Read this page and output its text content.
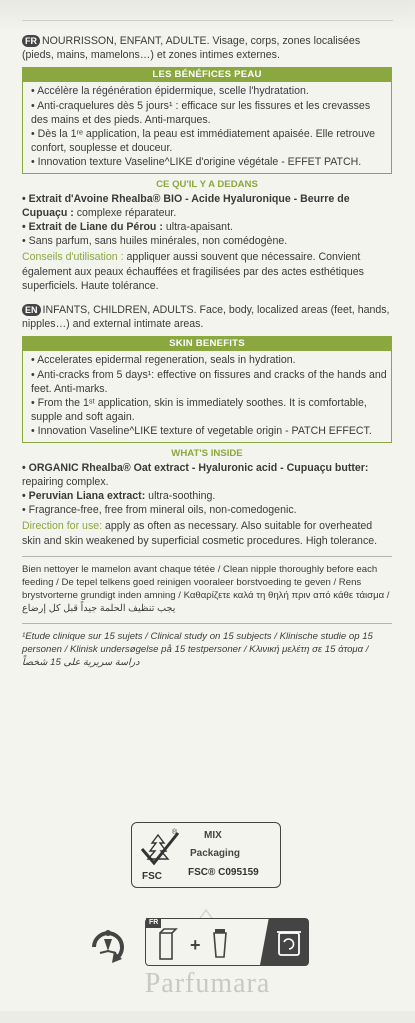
FR NOURRISSON, ENFANT, ADULTE. Visage, corps, zones localisées (pieds, mains, mamelons…) et zones intimes externes.

LES BÉNÉFICES PEAU

• Accélère la régénération épidermique, scelle l'hydratation.

• Anti-craquelures dès 5 jours¹ : efficace sur les fissures et les crevasses des mains et des pieds. Anti-marques.

• Dès la 1ʳᵉ application, la peau est immédiatement apaisée. Elle retrouve confort, souplesse et douceur.

• Innovation texture Vaseline^LIKE d'origine végétale - EFFET PATCH.

CE QU'IL Y A DEDANS

• Extrait d'Avoine Rhealba® BIO - Acide Hyaluronique - Beurre de Cupuaçu : complexe réparateur.

• Extrait de Liane du Pérou : ultra-apaisant.

• Sans parfum, sans huiles minérales, non comédogène.

Conseils d'utilisation : appliquer aussi souvent que nécessaire. Convient également aux peaux échauffées et fragilisées par des actes esthétiques superficiels. Haute tolérance.

EN INFANTS, CHILDREN, ADULTS. Face, body, localized areas (feet, hands, nipples…) and external intimate areas.

SKIN BENEFITS

• Accelerates epidermal regeneration, seals in hydration.

• Anti-cracks from 5 days¹: effective on fissures and cracks of the hands and feet. Anti-marks.

• From the 1ˢᵗ application, skin is immediately soothes. It is comfortable, supple and soft again.

• Innovation Vaseline^LIKE texture of vegetable origin - PATCH EFFECT.

WHAT'S INSIDE

• ORGANIC Rhealba® Oat extract - Hyaluronic acid - Cupuaçu butter: repairing complex.

• Peruvian Liana extract: ultra-soothing.

• Fragrance-free, free from mineral oils, non-comedogenic.

Direction for use: apply as often as necessary. Also suitable for overheated skin and skin weakened by superficial cosmetic procedures. High tolerance.

Bien nettoyer le mamelon avant chaque tétée / Clean nipple thoroughly before each feeding / De tepel telkens goed reinigen vooraleer borstvoeding te geven / Rens brystvorterne grundigt inden amning / Καθαρίζετε καλά τη θηλή πριν από κάθε τάισμα / يجب تنظيف الحلمة جيداً قبل كل إرضاع

¹Etude clinique sur 15 sujets / Clinical study on 15 subjects / Klinische studie op 15 personen / Klinisk undersøgelse på 15 testpersoner / Κλινική μελέτη σε 15 άτομα / دراسة سريرية على 15 شخصاً

®
FSC
MIX
Packaging
FSC® C095159
FR
+
Parfumara
